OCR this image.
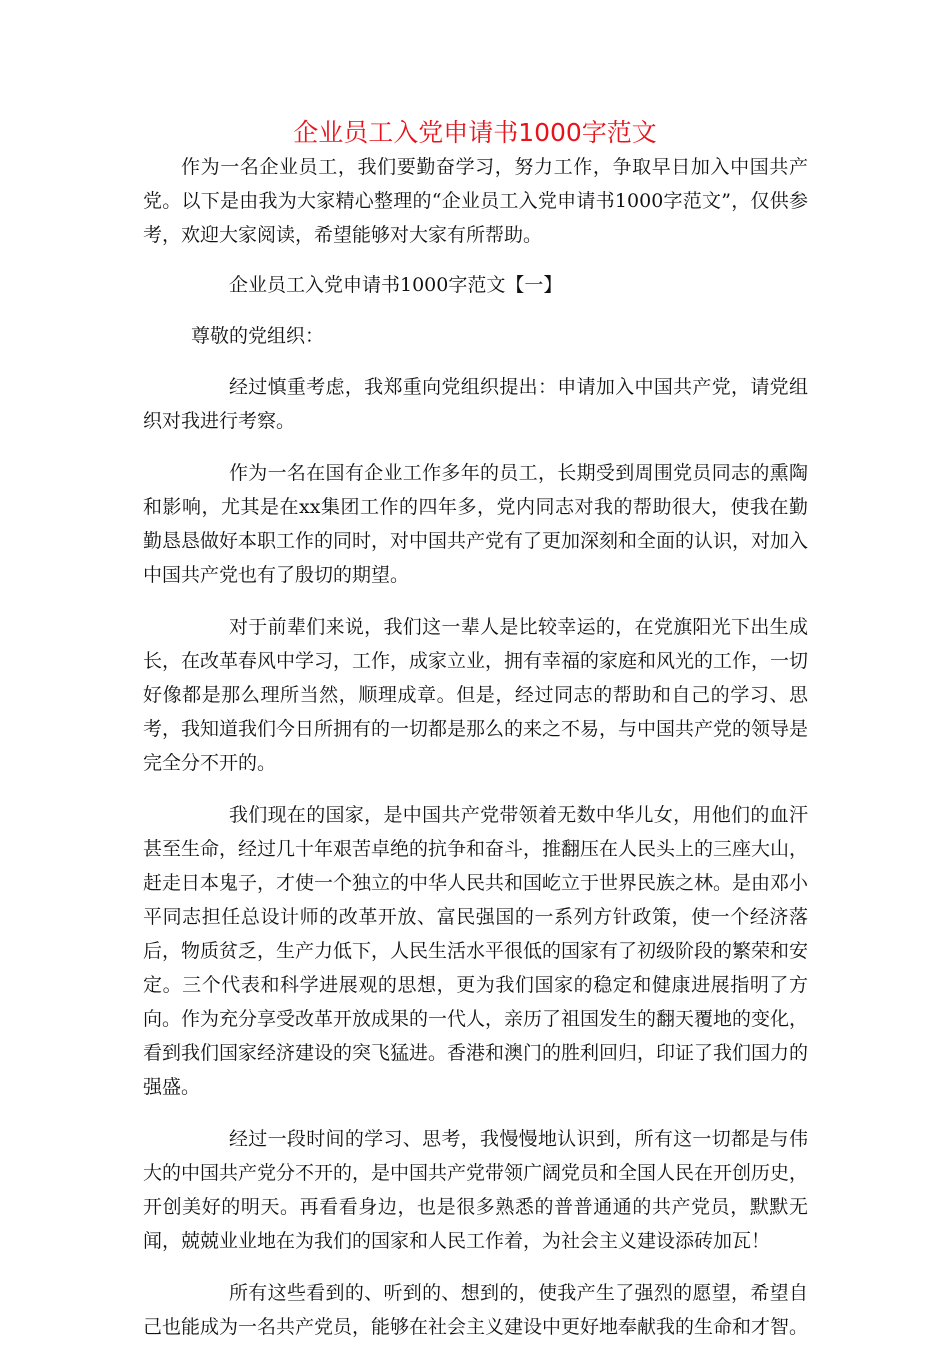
企业员工入党申请书1000字范文

作为一名企业员工，我们要勤奋学习，努力工作，争取早日加入中国共产党。以下是由我为大家精心整理的“企业员工入党申请书1000字范文”，仅供参考，欢迎大家阅读，希望能够对大家有所帮助。

企业员工入党申请书1000字范文【一】

尊敬的党组织：

经过慎重考虑，我郑重向党组织提出：申请加入中国共产党，请党组织对我进行考察。

作为一名在国有企业工作多年的员工，长期受到周围党员同志的熏陶和影响，尤其是在xx集团工作的四年多，党内同志对我的帮助很大，使我在勤勤恳恳做好本职工作的同时，对中国共产党有了更加深刻和全面的认识，对加入中国共产党也有了殷切的期望。

对于前辈们来说，我们这一辈人是比较幸运的，在党旗阳光下出生成长，在改革春风中学习，工作，成家立业，拥有幸福的家庭和风光的工作，一切好像都是那么理所当然，顺理成章。但是，经过同志的帮助和自己的学习、思考，我知道我们今日所拥有的一切都是那么的来之不易，与中国共产党的领导是完全分不开的。

我们现在的国家，是中国共产党带领着无数中华儿女，用他们的血汗甚至生命，经过几十年艰苦卓绝的抗争和奋斗，推翻压在人民头上的三座大山，赶走日本鬼子，才使一个独立的中华人民共和国屹立于世界民族之林。是由邓小平同志担任总设计师的改革开放、富民强国的一系列方针政策，使一个经济落后，物质贫乏，生产力低下，人民生活水平很低的国家有了初级阶段的繁荣和安定。三个代表和科学进展观的思想，更为我们国家的稳定和健康进展指明了方向。作为充分享受改革开放成果的一代人，亲历了祖国发生的翻天覆地的变化，看到我们国家经济建设的突飞猛进。香港和澳门的胜利回归，印证了我们国力的强盛。

经过一段时间的学习、思考，我慢慢地认识到，所有这一切都是与伟大的中国共产党分不开的，是中国共产党带领广阔党员和全国人民在开创历史，开创美好的明天。再看看身边，也是很多熟悉的普普通通的共产党员，默默无闻，兢兢业业地在为我们的国家和人民工作着，为社会主义建设添砖加瓦！

所有这些看到的、听到的、想到的，使我产生了强烈的愿望，希望自己也能成为一名共产党员，能够在社会主义建设中更好地奉献我的生命和才智。
